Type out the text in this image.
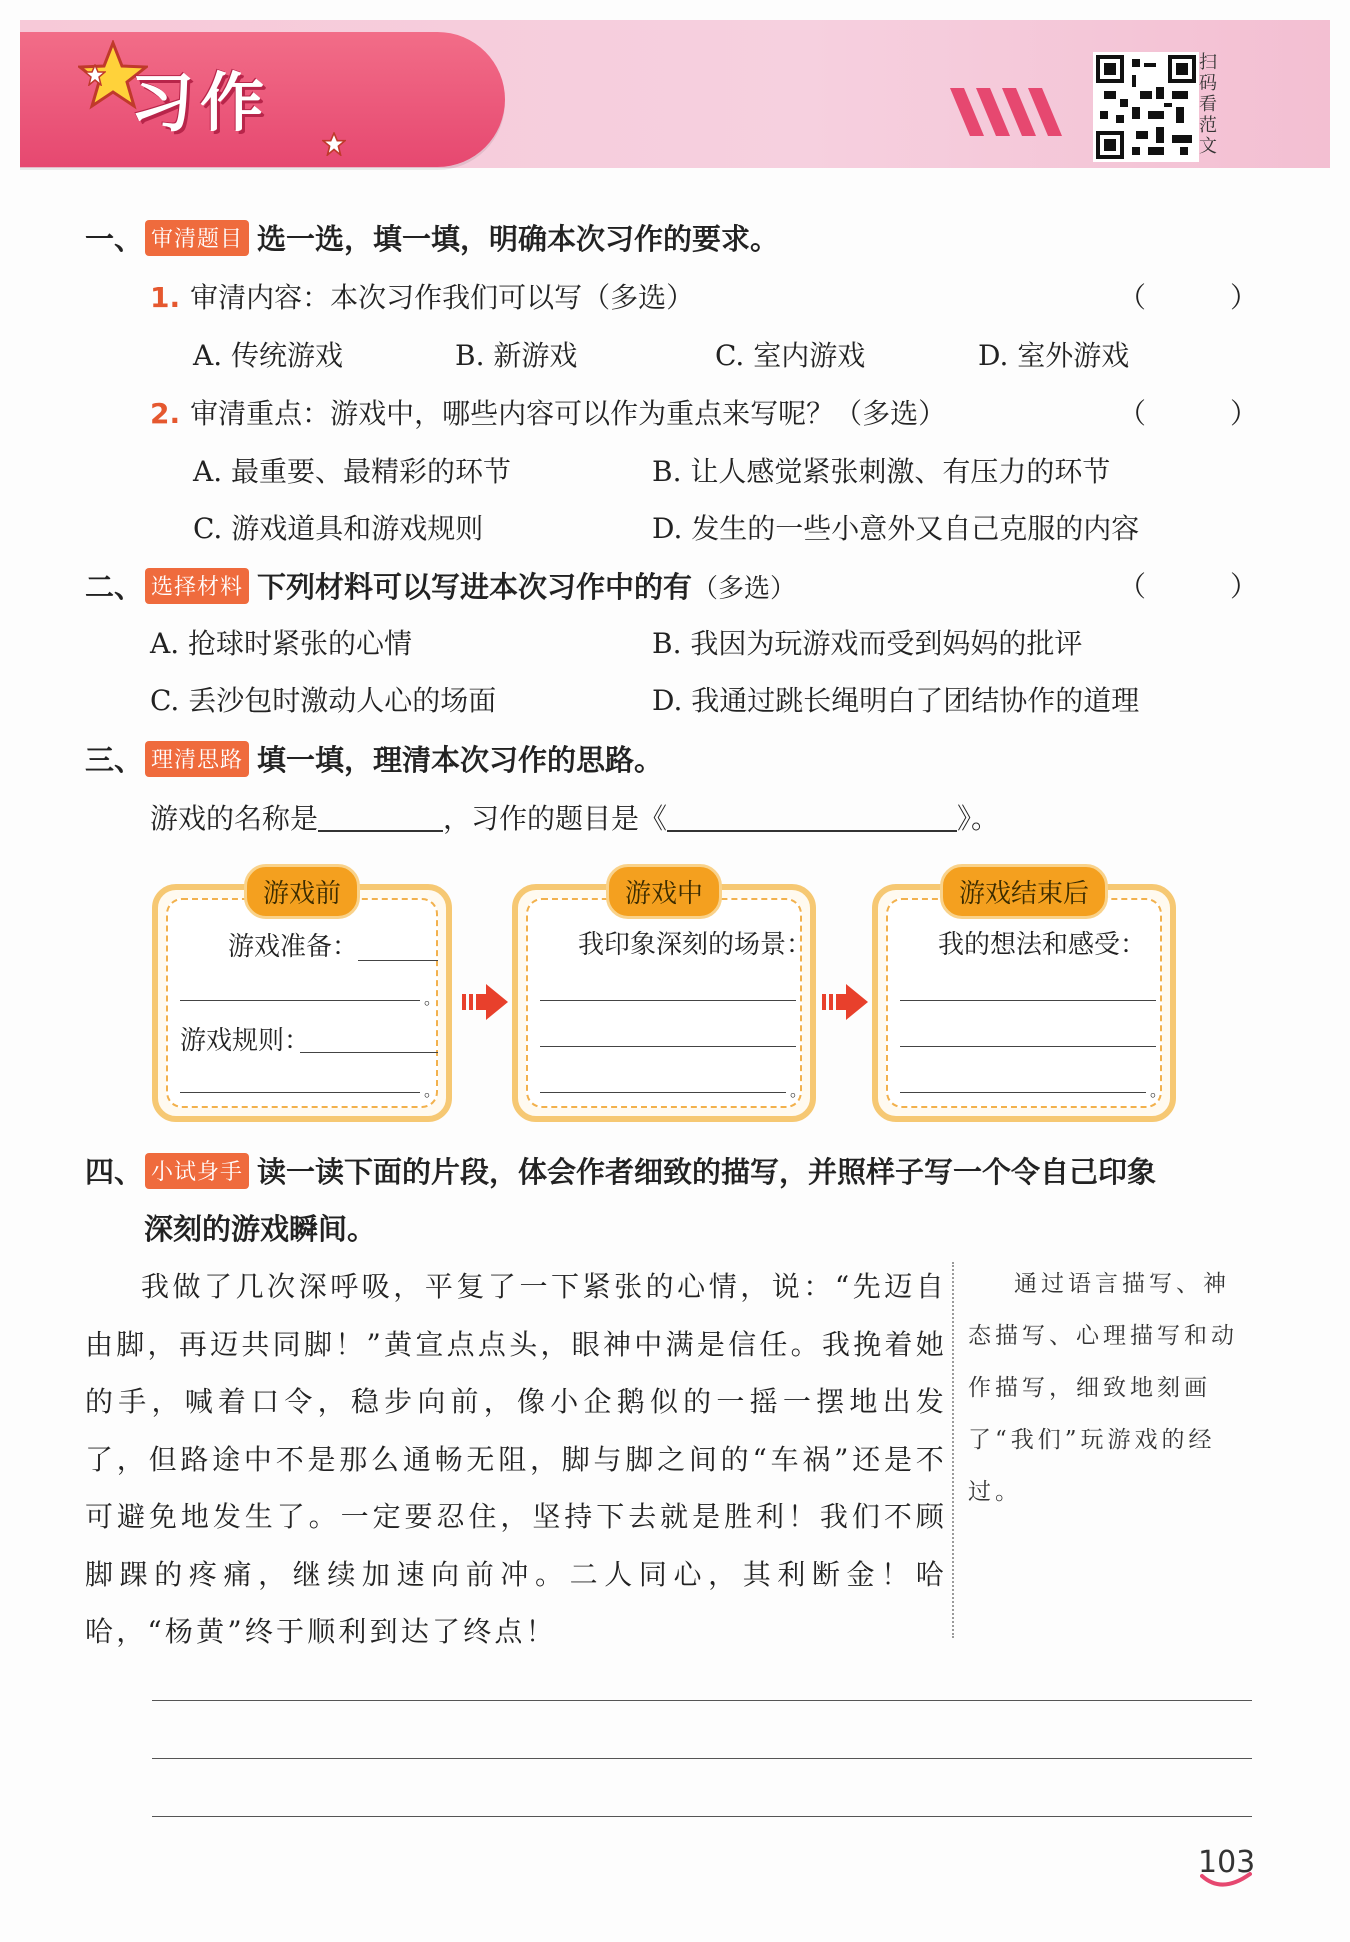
习作
扫码看范文
一、 审清题目 选一选，填一填，明确本次习作的要求。
1. 审清内容：本次习作我们可以写（多选）	（　　　）
A. 传统游戏	B. 新游戏	C. 室内游戏	D. 室外游戏
2. 审清重点：游戏中，哪些内容可以作为重点来写呢？（多选）	（　　　）
A. 最重要、最精彩的环节	B. 让人感觉紧张刺激、有压力的环节
C. 游戏道具和游戏规则	D. 发生的一些小意外又自己克服的内容
二、 选择材料 下列材料可以写进本次习作中的有（多选）	（　　　）
A. 抢球时紧张的心情	B. 我因为玩游戏而受到妈妈的批评
C. 丢沙包时激动人心的场面	D. 我通过跳长绳明白了团结协作的道理
三、 理清思路 填一填，理清本次习作的思路。
游戏的名称是	，习作的题目是《	》。
游戏前
游戏准备：
。
游戏规则：
。
游戏中
我印象深刻的场景：
。
游戏结束后
我的想法和感受：
。
四、 小试身手 读一读下面的片段，体会作者细致的描写，并照样子写一个令自己印象
深刻的游戏瞬间。

我做了几次深呼吸，平复了一下紧张的心情，说：“先迈自由脚，再迈共同脚！”黄宣点点头，眼神中满是信任。我挽着她的手，喊着口令，稳步向前，像小企鹅似的一摇一摆地出发了，但路途中不是那么通畅无阻，脚与脚之间的“车祸”还是不可避免地发生了。一定要忍住，坚持下去就是胜利！我们不顾脚踝的疼痛，继续加速向前冲。二人同心，其利断金！哈哈，“杨黄”终于顺利到达了终点！

通过语言描写、神态描写、心理描写和动作描写，细致地刻画了“我们”玩游戏的经过。
103
